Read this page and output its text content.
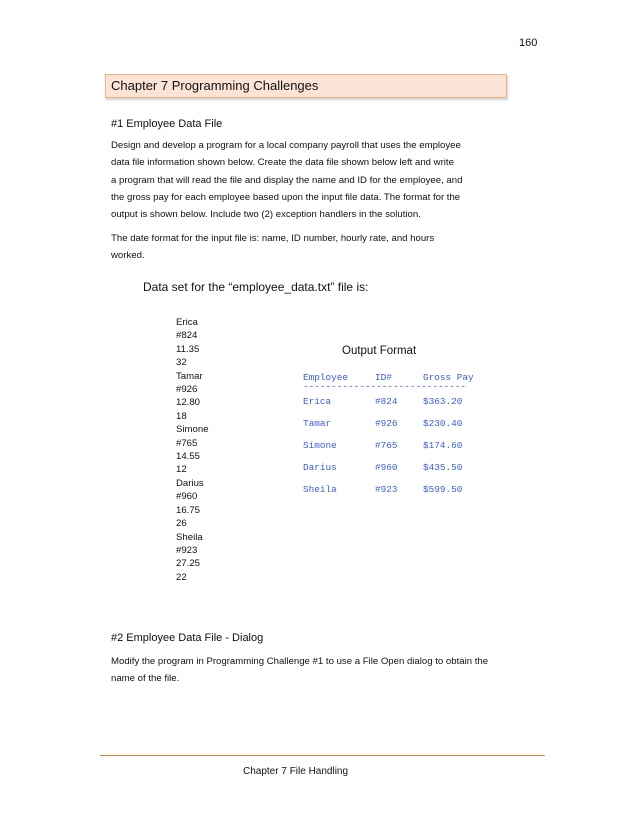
160
Chapter 7 Programming Challenges
#1 Employee Data File
Design and develop a program for a local company payroll that uses the employee
data file information shown below. Create the data file shown below left and write
a program that will read the file and display the name and ID for the employee, and
the gross pay for each employee based upon the input file data. The format for the
output is shown below. Include two (2) exception handlers in the solution.
The date format for the input file is: name, ID number, hourly rate, and hours
worked.
Data set for the “employee_data.txt” file is:
Erica
#824
11.35
32
Tamar
#926
12.80
18
Simone
#765
14.55
12
Darius
#960
16.75
26
Sheila
#923
27.25
22
Output Format
Employee	ID#	Gross Pay
-----------------------------
Erica	#824	$363.20
Tamar	#926	$230.40
Simone	#765	$174.60
Darius	#960	$435.50
Sheila	#923	$599.50
#2 Employee Data File - Dialog
Modify the program in Programming Challenge #1 to use a File Open dialog to obtain the
name of the file.
Chapter 7 File Handling
